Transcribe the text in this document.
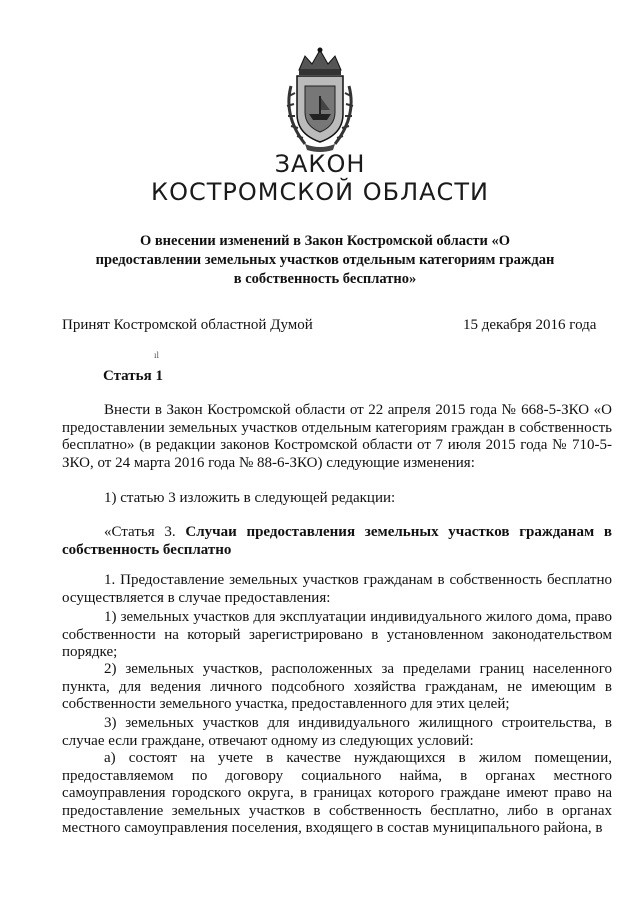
ЗАКОН
КОСТРОМСКОЙ ОБЛАСТИ
О внесении изменений в Закон Костромской области «О предоставлении земельных участков отдельным категориям граждан в собственность бесплатно»
Принят Костромской областной Думой	15 декабря 2016 года
ıl
Статья 1

Внести в Закон Костромской области от 22 апреля 2015 года № 668-5-ЗКО «О предоставлении земельных участков отдельным категориям граждан в собственность бесплатно» (в редакции законов Костромской области от 7 июля 2015 года № 710-5-ЗКО, от 24 марта 2016 года № 88-6-ЗКО) следующие изменения:

1) статью 3 изложить в следующей редакции:

«Статья 3. Случаи предоставления земельных участков гражданам в собственность бесплатно

1. Предоставление земельных участков гражданам в собственность бесплатно осуществляется в случае предоставления:

1) земельных участков для эксплуатации индивидуального жилого дома, право собственности на который зарегистрировано в установленном законодательством порядке;

2) земельных участков, расположенных за пределами границ населенного пункта, для ведения личного подсобного хозяйства гражданам, не имеющим в собственности земельного участка, предоставленного для этих целей;

3) земельных участков для индивидуального жилищного строительства, в случае если граждане, отвечают одному из следующих условий:

а) состоят на учете в качестве нуждающихся в жилом помещении, предоставляемом по договору социального найма, в органах местного самоуправления городского округа, в границах которого граждане имеют право на предоставление земельных участков в собственность бесплатно, либо в органах местного самоуправления поселения, входящего в состав муниципального района, в
